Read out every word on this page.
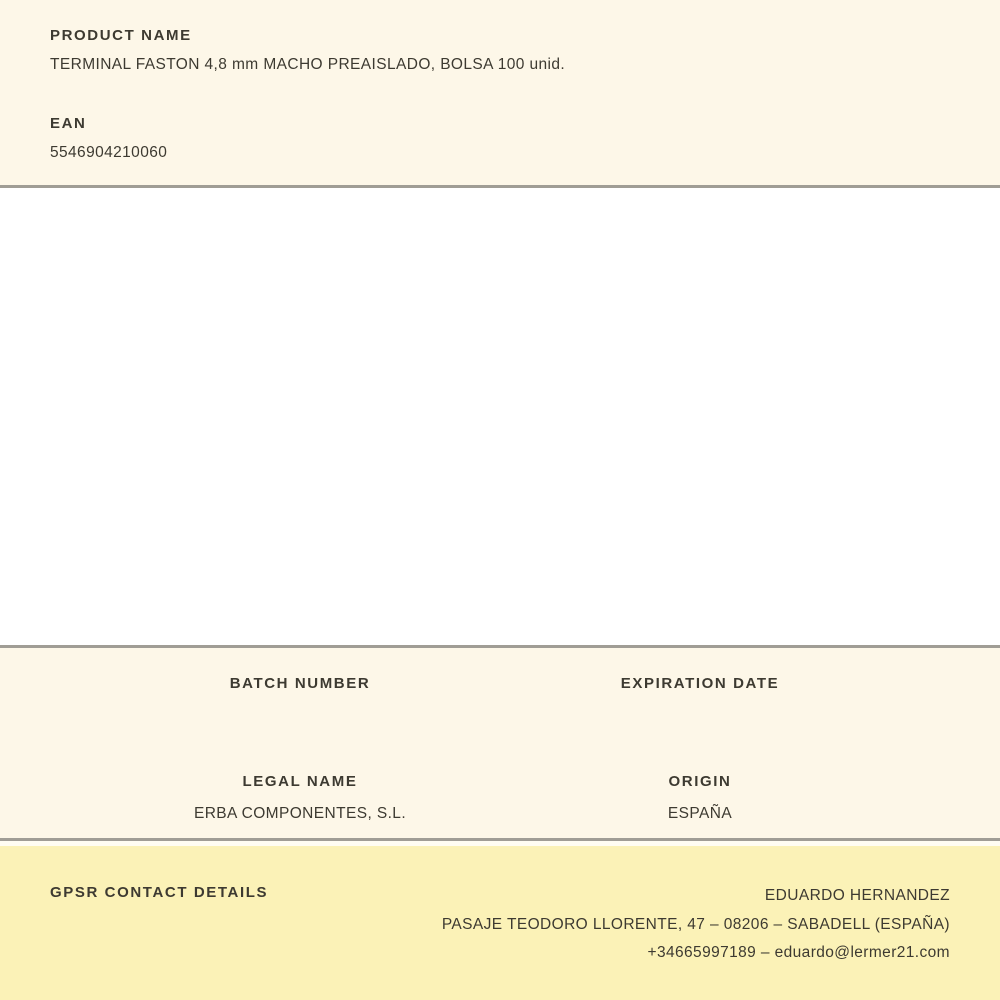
PRODUCT NAME
TERMINAL FASTON 4,8 mm MACHO PREAISLADO, BOLSA 100 unid.
EAN
5546904210060
BATCH NUMBER	EXPIRATION DATE
LEGAL NAME
ERBA COMPONENTES, S.L.
ORIGIN
ESPAÑA
GPSR CONTACT DETAILS	EDUARDO HERNANDEZ
PASAJE TEODORO LLORENTE, 47 – 08206 – SABADELL (ESPAÑA)
+34665997189 – eduardo@lermer21.com
